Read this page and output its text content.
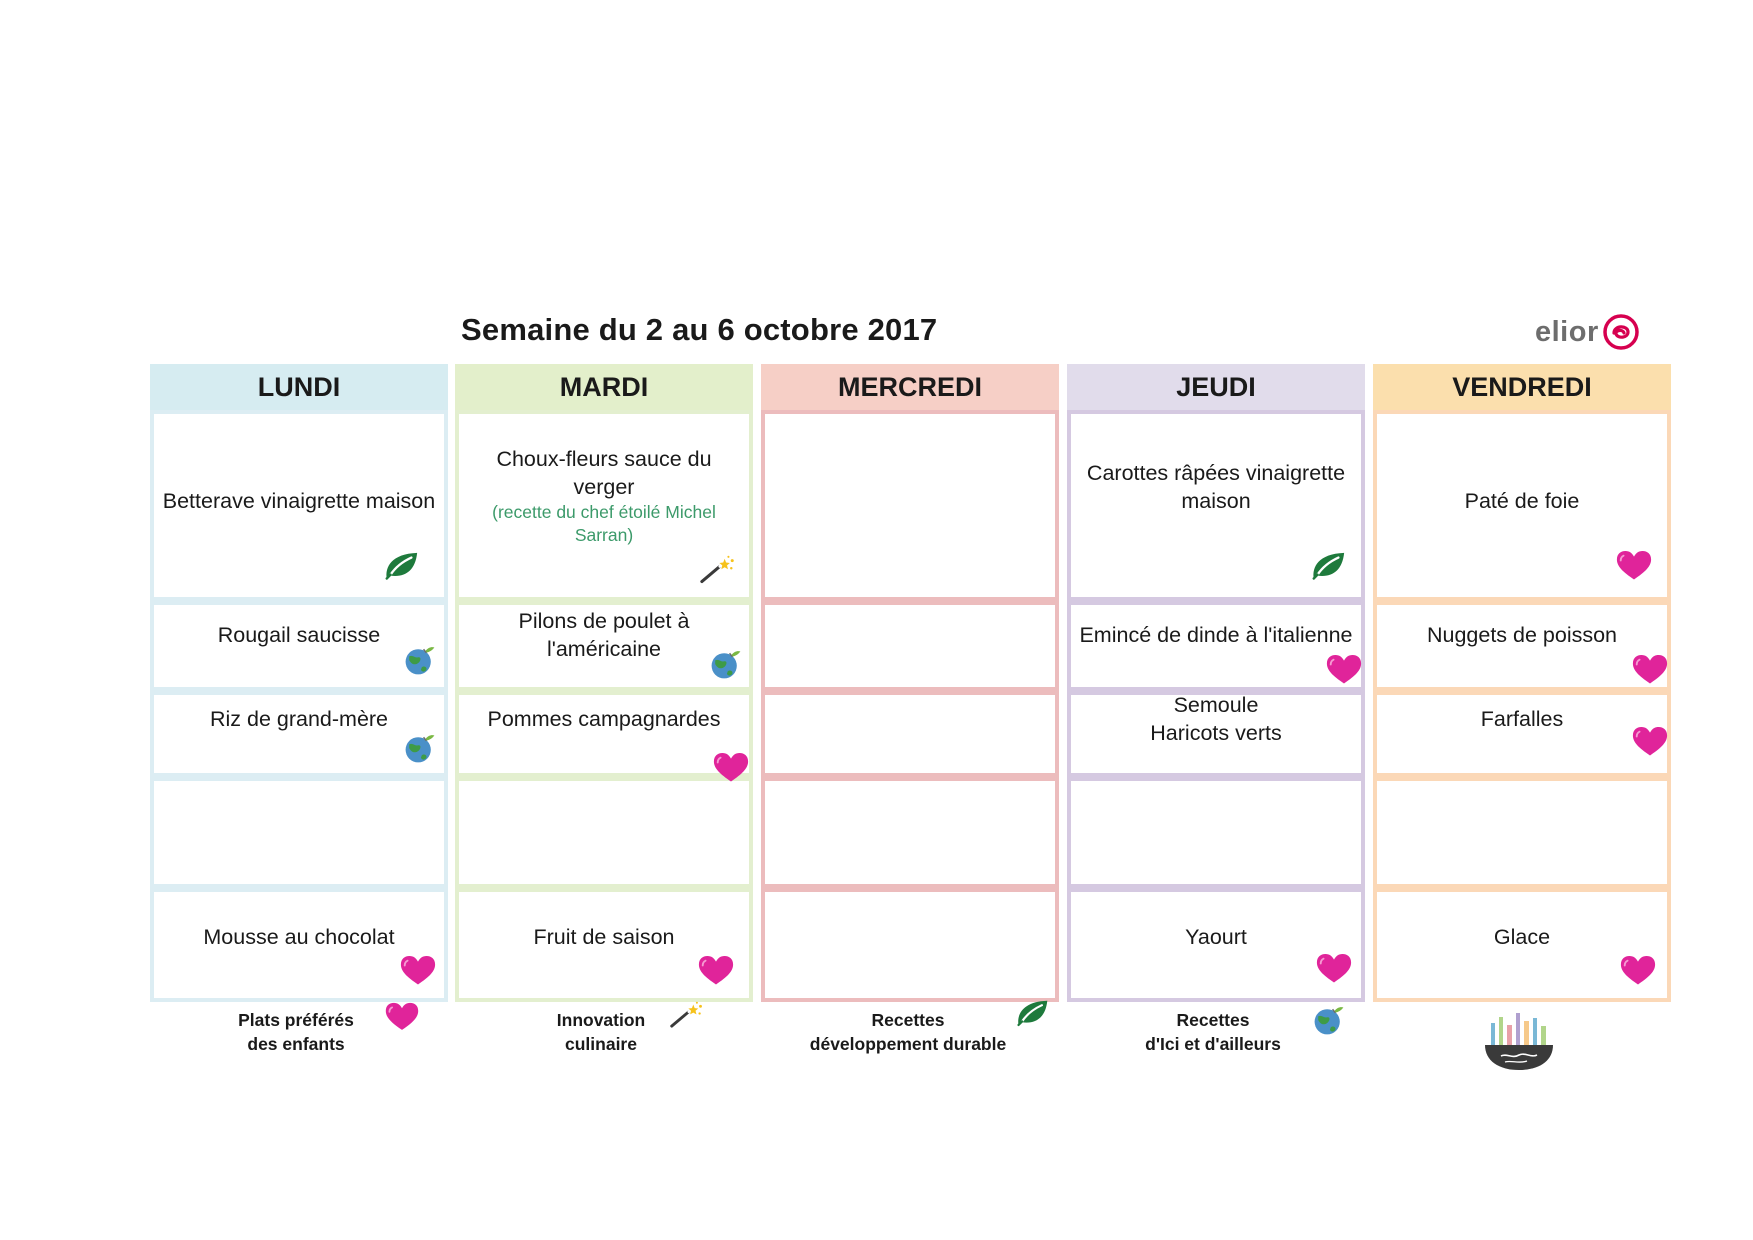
Semaine du 2 au 6 octobre 2017	elior
LUNDI
Betterave vinaigrette maison
Rougail saucisse
Riz de grand-mère
Mousse au chocolat
MARDI
Choux-fleurs sauce du verger
(recette du chef étoilé Michel Sarran)
Pilons de poulet à l'américaine
Pommes campagnardes
Fruit de saison
MERCREDI	JEUDI
Carottes râpées vinaigrette maison
Emincé de dinde à l'italienne
Semoule
Haricots verts
Yaourt
VENDREDI
Paté de foie
Nuggets de poisson
Farfalles
Glace
Plats préférés
des enfants
Innovation
culinaire
Recettes
développement durable
Recettes
d'Ici et d'ailleurs
